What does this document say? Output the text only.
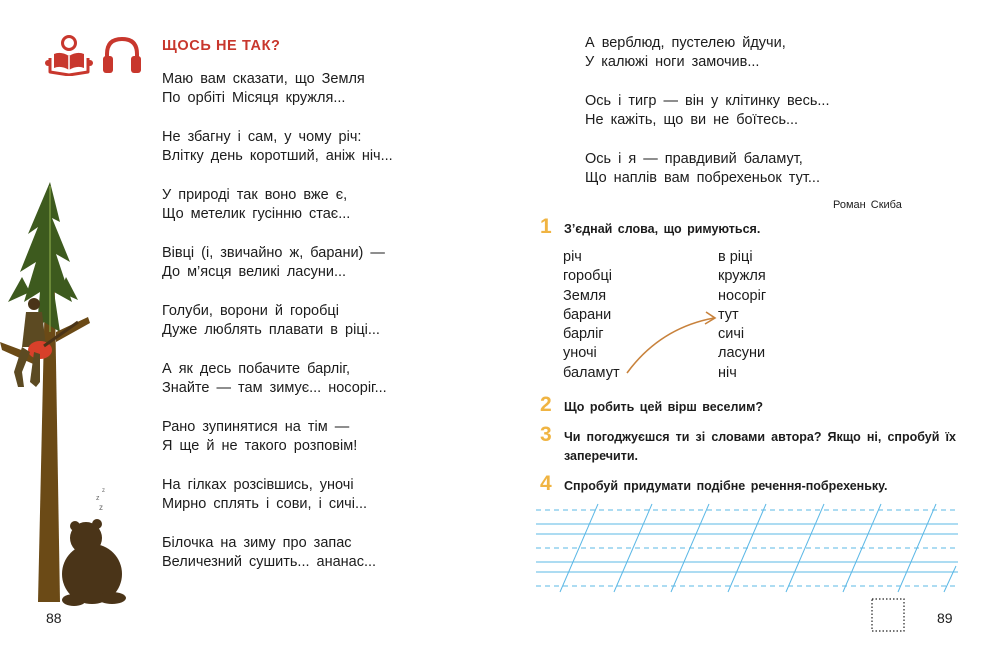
ЩОСЬ НЕ ТАК?
Маю вам сказати, що Земля
По орбіті Місяця кружля...
Не збагну і сам, у чому річ:
Влітку день коротший, аніж ніч...
У природі так воно вже є,
Що метелик гусінню стає...
Вівці (і, звичайно ж, барани) —
До м’ясця великі ласуни...
Голуби, ворони й горобці
Дуже люблять плавати в ріці...
А як десь побачите барліг,
Знайте — там зимує... носоріг...
Рано зупинятися на тім —
Я ще й не такого розповім!
На гілках розсівшись, уночі
Мирно сплять і сови, і сичі...
Білочка на зиму про запас
Величезний сушить... ананас...
z
z
z
88
А верблюд, пустелею йдучи,
У калюжі ноги замочив...
Ось і тигр — він у клітинку весь...
Не кажіть, що ви не боїтесь...
Ось і я — правдивий баламут,
Що наплів вам побрехеньок тут...
Роман Скиба
1 З’єднай слова, що римуються.
річ
горобці
Земля
барани
барліг
уночі
баламут
в ріці
кружля
носоріг
тут
сичі
ласуни
ніч
2 Що робить цей вірш веселим?
3 Чи погоджуєшся ти зі словами автора? Якщо ні, спробуй їх заперечити.
4 Спробуй придумати подібне речення-побрехеньку.
89
